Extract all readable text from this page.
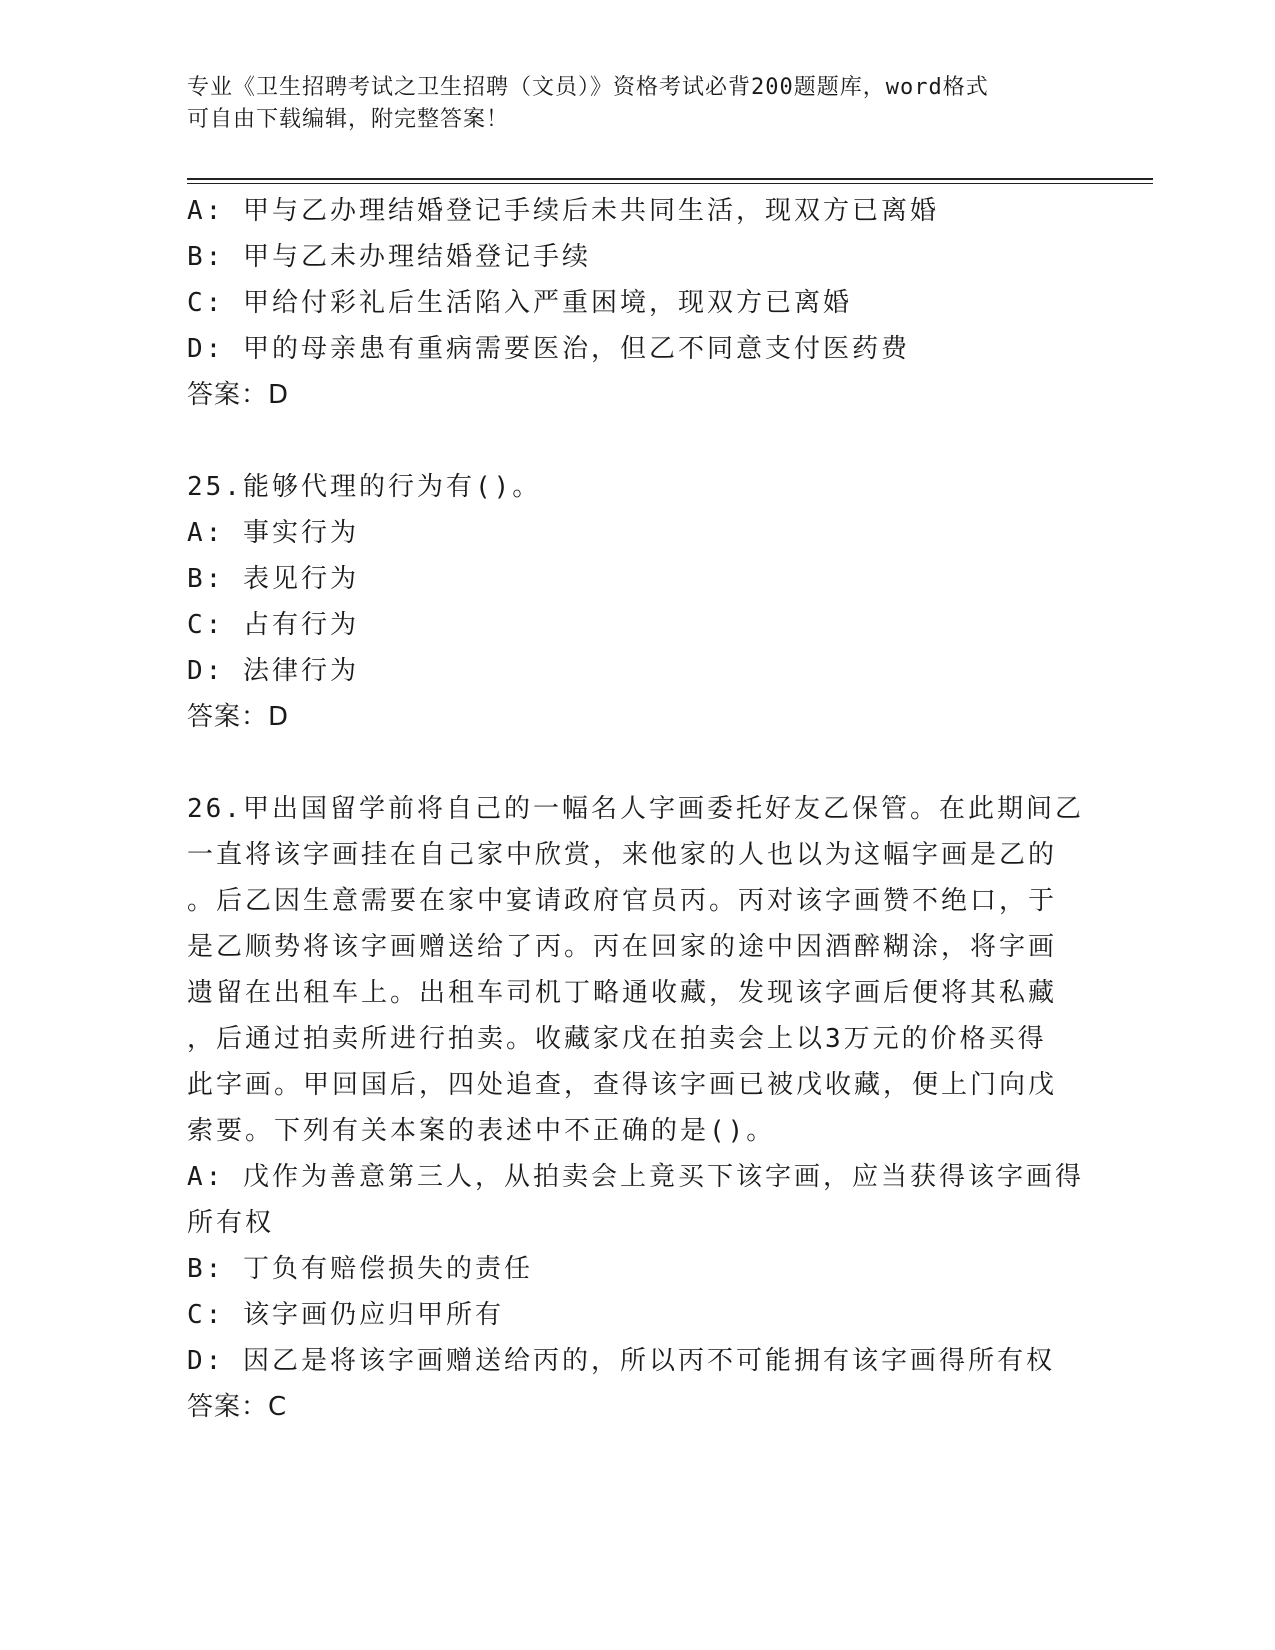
专业《卫生招聘考试之卫生招聘（文员）》资格考试必背200题题库，word格式
可自由下载编辑，附完整答案！
A: 甲与乙办理结婚登记手续后未共同生活，现双方已离婚
B: 甲与乙未办理结婚登记手续
C: 甲给付彩礼后生活陷入严重困境，现双方已离婚
D: 甲的母亲患有重病需要医治，但乙不同意支付医药费
答案：D
25.能够代理的行为有()。
A: 事实行为
B: 表见行为
C: 占有行为
D: 法律行为
答案：D
26.甲出国留学前将自己的一幅名人字画委托好友乙保管。在此期间乙
一直将该字画挂在自己家中欣赏，来他家的人也以为这幅字画是乙的
。后乙因生意需要在家中宴请政府官员丙。丙对该字画赞不绝口，于
是乙顺势将该字画赠送给了丙。丙在回家的途中因酒醉糊涂，将字画
遗留在出租车上。出租车司机丁略通收藏，发现该字画后便将其私藏
，后通过拍卖所进行拍卖。收藏家戊在拍卖会上以3万元的价格买得
此字画。甲回国后，四处追查，查得该字画已被戊收藏，便上门向戊
索要。下列有关本案的表述中不正确的是()。
A: 戊作为善意第三人，从拍卖会上竟买下该字画，应当获得该字画得
所有权
B: 丁负有赔偿损失的责任
C: 该字画仍应归甲所有
D: 因乙是将该字画赠送给丙的，所以丙不可能拥有该字画得所有权
答案：C
